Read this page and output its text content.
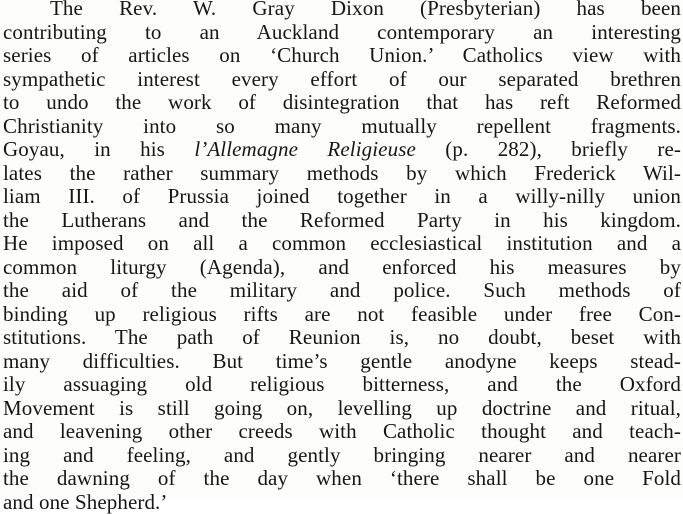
The Rev. W. Gray Dixon (Presbyterian) has been
contributing to an Auckland contemporary an interesting
series of articles on ‘Church Union.’ Catholics view with
sympathetic interest every effort of our separated brethren
to undo the work of disintegration that has reft Reformed
Christianity into so many mutually repellent fragments.
Goyau, in his l’Allemagne Religieuse (p. 282), briefly re-
lates the rather summary methods by which Frederick Wil-
liam III. of Prussia joined together in a willy-nilly union
the Lutherans and the Reformed Party in his kingdom.
He imposed on all a common ecclesiastical institution and a
common liturgy (Agenda), and enforced his measures by
the aid of the military and police. Such methods of
binding up religious rifts are not feasible under free Con-
stitutions. The path of Reunion is, no doubt, beset with
many difficulties. But time’s gentle anodyne keeps stead-
ily assuaging old religious bitterness, and the Oxford
Movement is still going on, levelling up doctrine and ritual,
and leavening other creeds with Catholic thought and teach-
ing and feeling, and gently bringing nearer and nearer
the dawning of the day when ‘there shall be one Fold
and one Shepherd.’
